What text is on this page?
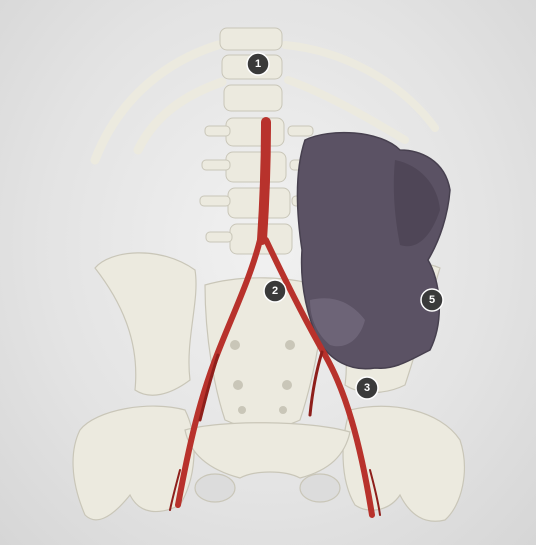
1
2
3
5
